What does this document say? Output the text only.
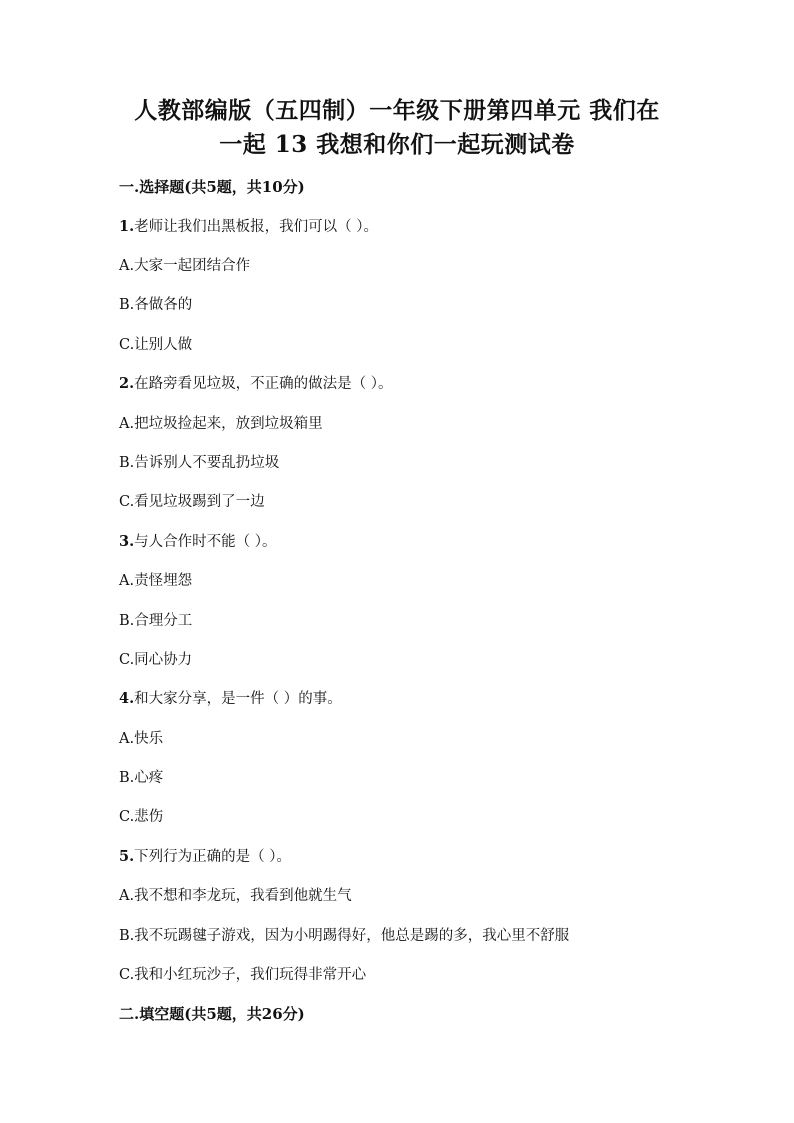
人教部编版（五四制）一年级下册第四单元 我们在
一起 13 我想和你们一起玩测试卷
一.选择题(共5题，共10分)
1.老师让我们出黑板报，我们可以（ ）。
A.大家一起团结合作
B.各做各的
C.让别人做
2.在路旁看见垃圾，不正确的做法是（ ）。
A.把垃圾捡起来，放到垃圾箱里
B.告诉别人不要乱扔垃圾
C.看见垃圾踢到了一边
3.与人合作时不能（ ）。
A.责怪埋怨
B.合理分工
C.同心协力
4.和大家分享，是一件（ ）的事。
A.快乐
B.心疼
C.悲伤
5.下列行为正确的是（ ）。
A.我不想和李龙玩，我看到他就生气
B.我不玩踢毽子游戏，因为小明踢得好，他总是踢的多，我心里不舒服
C.我和小红玩沙子，我们玩得非常开心
二.填空题(共5题，共26分)
